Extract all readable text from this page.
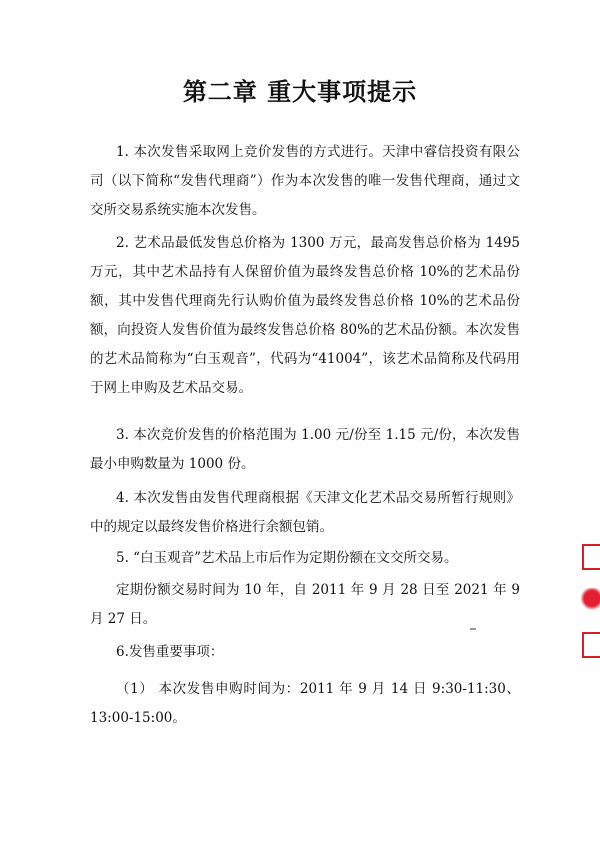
第二章 重大事项提示
1. 本次发售采取网上竞价发售的方式进行。天津中睿信投资有限公司（以下简称“发售代理商”）作为本次发售的唯一发售代理商，通过文交所交易系统实施本次发售。
2. 艺术品最低发售总价格为 1300 万元，最高发售总价格为 1495 万元，其中艺术品持有人保留价值为最终发售总价格 10%的艺术品份额，其中发售代理商先行认购价值为最终发售总价格 10%的艺术品份额，向投资人发售价值为最终发售总价格 80%的艺术品份额。本次发售的艺术品简称为“白玉观音”，代码为“41004”，该艺术品简称及代码用于网上申购及艺术品交易。
3. 本次竞价发售的价格范围为 1.00 元/份至 1.15 元/份，本次发售最小申购数量为 1000 份。
4. 本次发售由发售代理商根据《天津文化艺术品交易所暂行规则》中的规定以最终发售价格进行余额包销。
5. “白玉观音”艺术品上市后作为定期份额在文交所交易。
定期份额交易时间为 10 年，自 2011 年 9 月 28 日至 2021 年 9 月 27 日。
6.发售重要事项：
（1） 本次发售申购时间为：2011 年 9 月 14 日 9:30-11:30、13:00-15:00。
